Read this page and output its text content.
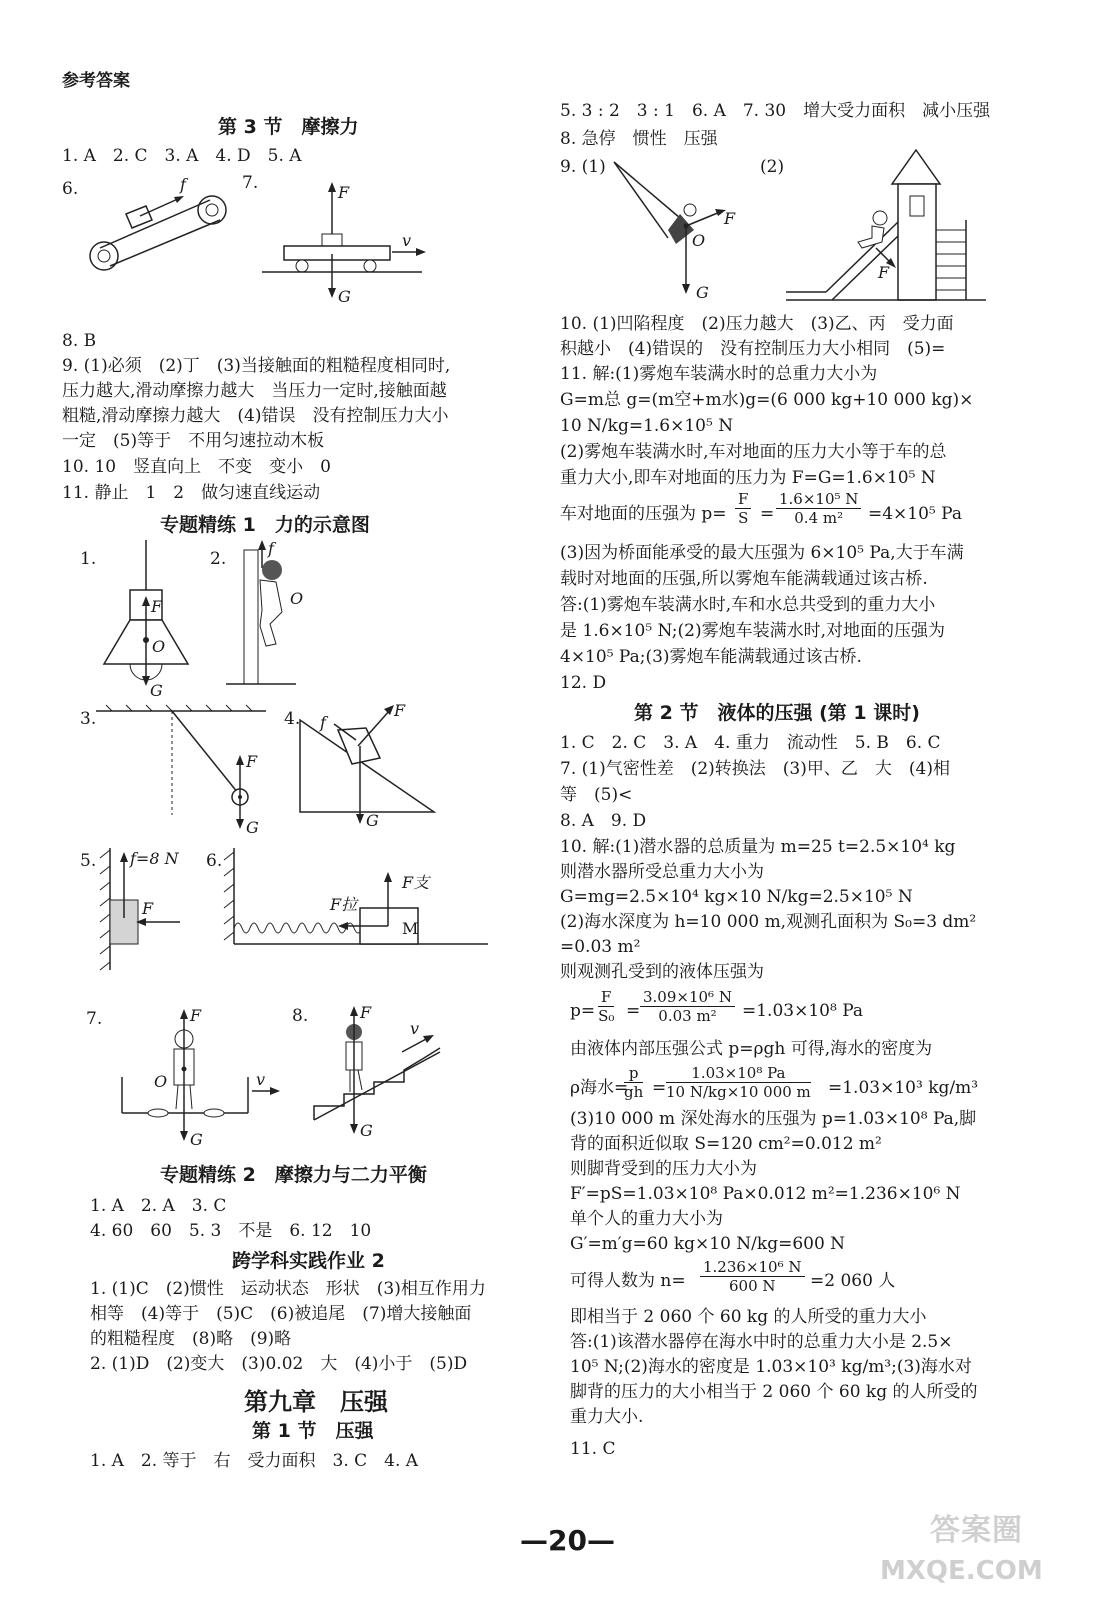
参考答案
第 3 节　摩擦力
1. A　2. C　3. A　4. D　5. A
6.	7.
f	F
G
v
8. B
9. (1)必须　(2)丁　(3)当接触面的粗糙程度相同时,
压力越大,滑动摩擦力越大　当压力一定时,接触面越
粗糙,滑动摩擦力越大　(4)错误　没有控制压力大小
一定　(5)等于　不用匀速拉动木板
10. 10　竖直向上　不变　变小　0
11. 静止　1　2　做匀速直线运动
专题精练 1　力的示意图
1.	2.
F
O
G
f
O
3.	4.
F
G
F
f
G
5.	6.
f=8 N
F
M
F支
F拉
7.	8.
F
O
G
v
F
G
v
专题精练 2　摩擦力与二力平衡
1. A　2. A　3. C
4. 60　60　5. 3　不是　6. 12　10
跨学科实践作业 2
1. (1)C　(2)惯性　运动状态　形状　(3)相互作用力
相等　(4)等于　(5)C　(6)被追尾　(7)增大接触面
的粗糙程度　(8)略　(9)略
2. (1)D　(2)变大　(3)0.02　大　(4)小于　(5)D
第九章　压强
第 1 节　压强
1. A　2. 等于　右　受力面积　3. C　4. A
5. 3 : 2　3 : 1　6. A　7. 30　增大受力面积　减小压强
8. 急停　惯性　压强
9. (1)	(2)
F
O
G
F
10. (1)凹陷程度　(2)压力越大　(3)乙、丙　受力面
积越小　(4)错误的　没有控制压力大小相同　(5)=
11. 解:(1)雾炮车装满水时的总重力大小为
G=m总 g=(m空+m水)g=(6 000 kg+10 000 kg)×
10 N/kg=1.6×10⁵ N
(2)雾炮车装满水时,车对地面的压力大小等于车的总
重力大小,即车对地面的压力为 F=G=1.6×10⁵ N
车对地面的压强为 $p= \frac{F}{S} = \frac{\text{1.6×10⁵ N}}{\text{0.4 m²}} =4\times 10^5$ Pa
(3)因为桥面能承受的最大压强为 6×10⁵ Pa,大于车满
载时对地面的压强,所以雾炮车能满载通过该古桥.
答:(1)雾炮车装满水时,车和水总共受到的重力大小
是 1.6×10⁵ N;(2)雾炮车装满水时,对地面的压强为
4×10⁵ Pa;(3)雾炮车能满载通过该古桥.
12. D
第 2 节　液体的压强 (第 1 课时)
1. C　2. C　3. A　4. 重力　流动性　5. B　6. C
7. (1)气密性差　(2)转换法　(3)甲、乙　大　(4)相
等　(5)<
8. A　9. D
10. 解:(1)潜水器的总质量为 m=25 t=2.5×10⁴ kg
则潜水器所受总重力大小为
G=mg=2.5×10⁴ kg×10 N/kg=2.5×10⁵ N
(2)海水深度为 h=10 000 m,观测孔面积为 S₀=3 dm²
=0.03 m²
则观测孔受到的液体压强为
$p= \frac{F}{\text{S₀}} = \frac{\text{3.09×10⁶ N}}{\text{0.03 m²}} =1.03\times 10^8$ Pa
由液体内部压强公式 p=ρgh 可得,海水的密度为
ρ海水=
$\frac{p}{gh} = \frac{\text{1.03×10⁸ Pa}}{10 N/kg\times 10 000 m} =1.03\times 10^3$ kg/m³
(3)10 000 m 深处海水的压强为 p=1.03×10⁸ Pa,脚
背的面积近似取 S=120 cm²=0.012 m²
则脚背受到的压力大小为
F′=pS=1.03×10⁸ Pa×0.012 m²=1.236×10⁶ N
单个人的重力大小为
G′=m′g=60 kg×10 N/kg=600 N
可得人数为 $n= \frac{\text{1.236×10⁶ N}}{600 N} =2$ 060 人
即相当于 2 060 个 60 kg 的人所受的重力大小
答:(1)该潜水器停在海水中时的总重力大小是 2.5×
10⁵ N;(2)海水的密度是 1.03×10³ kg/m³;(3)海水对
脚背的压力的大小相当于 2 060 个 60 kg 的人所受的
重力大小.
11. C
—20—	答案圈
MXQE.COM
